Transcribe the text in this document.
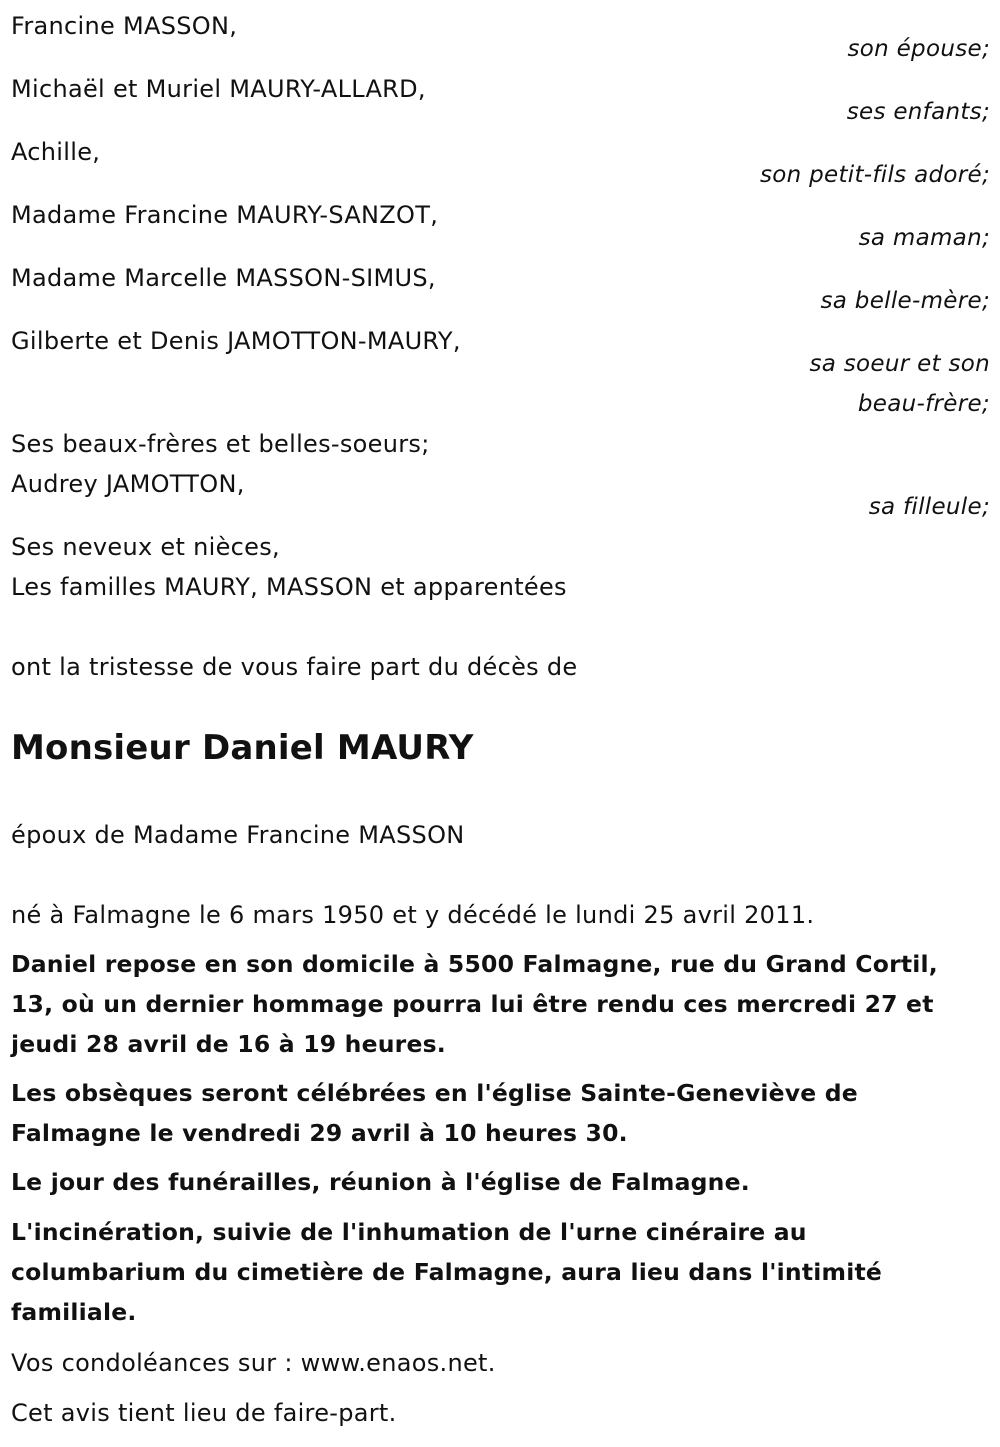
Francine MASSON,
son épouse;
Michaël et Muriel MAURY-ALLARD,
ses enfants;
Achille,
son petit-fils adoré;
Madame Francine MAURY-SANZOT,
sa maman;
Madame Marcelle MASSON-SIMUS,
sa belle-mère;
Gilberte et Denis JAMOTTON-MAURY,
sa soeur et son
beau-frère;
Ses beaux-frères et belles-soeurs;
Audrey JAMOTTON,
sa filleule;
Ses neveux et nièces,
Les familles MAURY, MASSON et apparentées
ont la tristesse de vous faire part du décès de
Monsieur Daniel MAURY
époux de Madame Francine MASSON
né à Falmagne le 6 mars 1950 et y décédé le lundi 25 avril 2011.
Daniel repose en son domicile à 5500 Falmagne, rue du Grand Cortil, 13, où un dernier hommage pourra lui être rendu ces mercredi 27 et jeudi 28 avril de 16 à 19 heures.
Les obsèques seront célébrées en l'église Sainte-Geneviève de Falmagne le vendredi 29 avril à 10 heures 30.
Le jour des funérailles, réunion à l'église de Falmagne.
L'incinération, suivie de l'inhumation de l'urne cinéraire au columbarium du cimetière de Falmagne, aura lieu dans l'intimité familiale.
Vos condoléances sur : www.enaos.net.
Cet avis tient lieu de faire-part.
